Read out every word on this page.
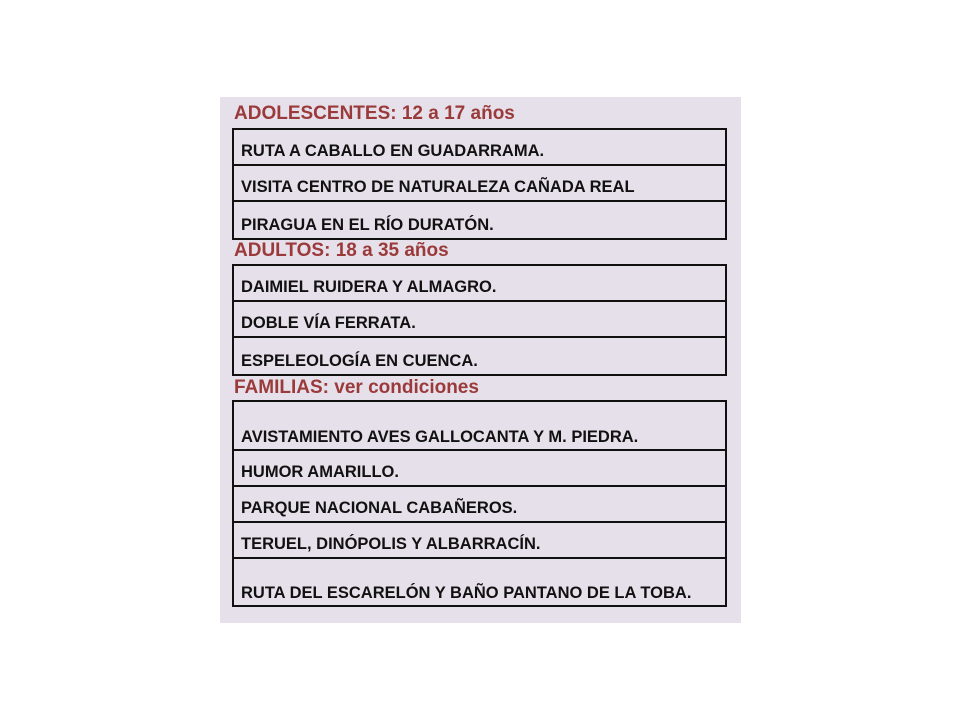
ADOLESCENTES: 12 a 17 años
RUTA A CABALLO EN GUADARRAMA.
VISITA CENTRO DE NATURALEZA CAÑADA REAL
PIRAGUA EN EL RÍO DURATÓN.
ADULTOS: 18 a 35 años
DAIMIEL RUIDERA Y ALMAGRO.
DOBLE VÍA FERRATA.
ESPELEOLOGÍA EN CUENCA.
FAMILIAS: ver condiciones
AVISTAMIENTO AVES GALLOCANTA Y M. PIEDRA.
HUMOR AMARILLO.
PARQUE NACIONAL CABAÑEROS.
TERUEL, DINÓPOLIS Y ALBARRACÍN.
RUTA DEL ESCARELÓN Y BAÑO PANTANO DE LA TOBA.
